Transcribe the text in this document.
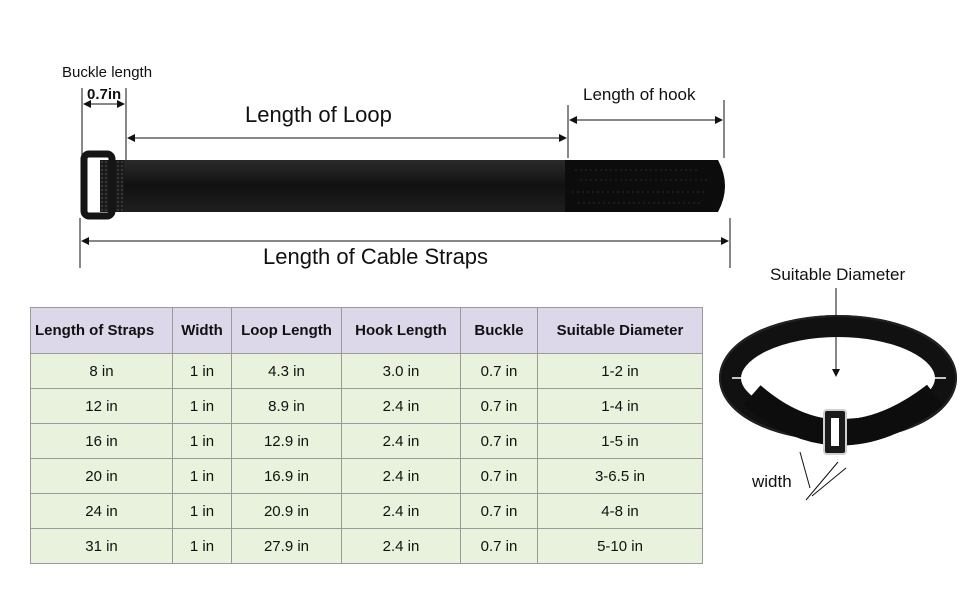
Buckle length
0.7in
Length of Loop
Length of hook
Length of Cable Straps
Suitable Diameter
width
Length of Straps	Width	Loop Length	Hook Length	Buckle	Suitable Diameter
8 in	1 in	4.3 in	3.0 in	0.7 in	1-2 in
12 in	1 in	8.9 in	2.4 in	0.7 in	1-4 in
16 in	1 in	12.9 in	2.4 in	0.7 in	1-5 in
20 in	1 in	16.9 in	2.4 in	0.7 in	3-6.5 in
24 in	1 in	20.9 in	2.4 in	0.7 in	4-8 in
31 in	1 in	27.9 in	2.4 in	0.7 in	5-10 in
